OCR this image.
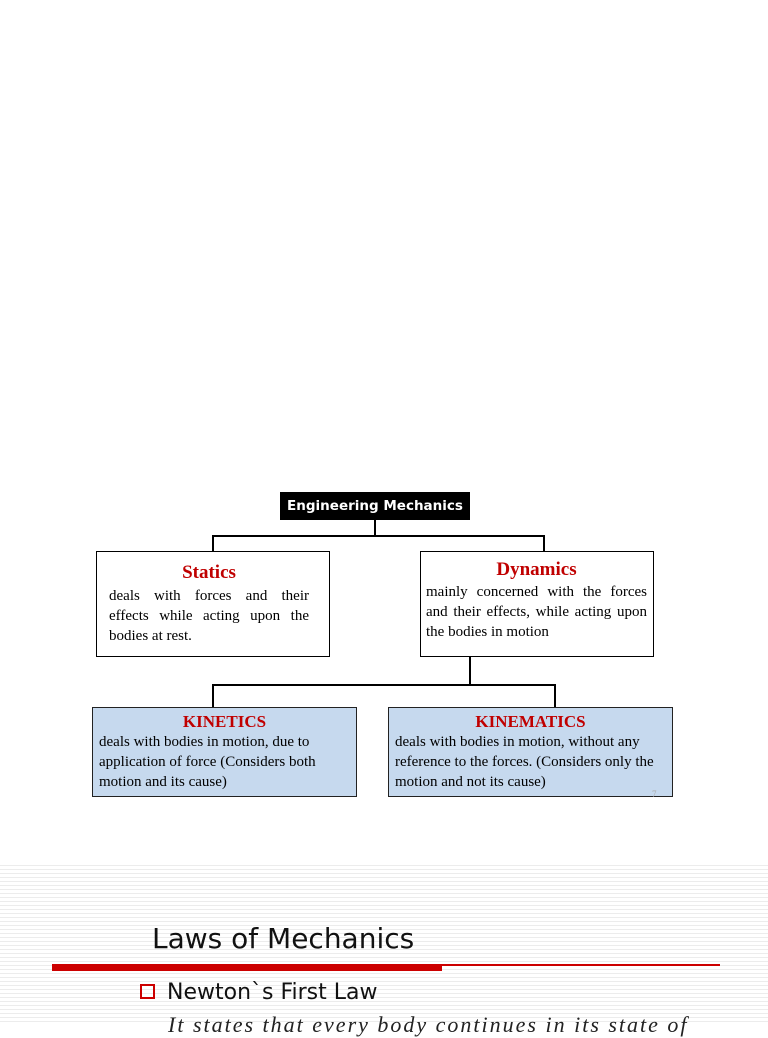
Engineering Mechanics
Statics
deals with forces and their effects while acting upon the bodies at rest.
Dynamics
mainly concerned with the forces and their effects, while acting upon the bodies in motion
KINETICS
deals with bodies in motion, due to application of force (Considers both motion and its cause)
KINEMATICS
deals with bodies in motion, without any reference to the forces. (Considers only the motion and not its cause)
7
Laws of Mechanics
Newton`s First Law
It states that every body continues in its state of
